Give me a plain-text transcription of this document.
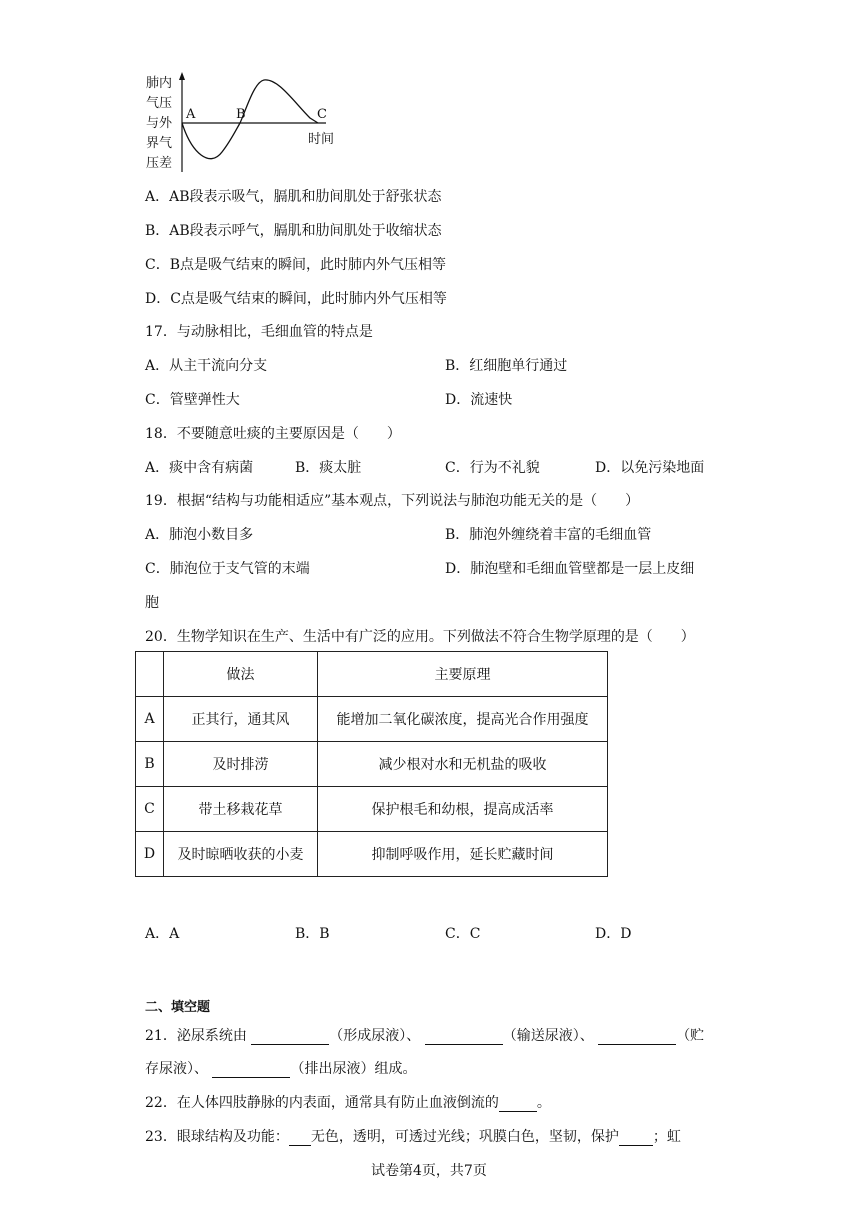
肺内
气压
与外
界气
压差
A	B	C
时间
A．AB段表示吸气，膈肌和肋间肌处于舒张状态
B．AB段表示呼气，膈肌和肋间肌处于收缩状态
C．B点是吸气结束的瞬间，此时肺内外气压相等
D．C点是吸气结束的瞬间，此时肺内外气压相等
17．与动脉相比，毛细血管的特点是
A．从主干流向分支	B．红细胞单行通过
C．管壁弹性大	D．流速快
18．不要随意吐痰的主要原因是（　　）
A．痰中含有病菌	B．痰太脏	C．行为不礼貌	D．以免污染地面
19．根据“结构与功能相适应”基本观点，下列说法与肺泡功能无关的是（　　）
A．肺泡小数目多	B．肺泡外缠绕着丰富的毛细血管
C．肺泡位于支气管的末端	D．肺泡壁和毛细血管壁都是一层上皮细
胞
20．生物学知识在生产、生活中有广泛的应用。下列做法不符合生物学原理的是（　　）
	做法	主要原理
A	正其行，通其风	能增加二氧化碳浓度，提高光合作用强度
B	及时排涝	减少根对水和无机盐的吸收
C	带土移栽花草	保护根毛和幼根，提高成活率
D	及时晾晒收获的小麦	抑制呼吸作用，延长贮藏时间
A．A	B．B	C．C	D．D
二、填空题
21．泌尿系统由	（形成尿液）、	（输送尿液）、	（贮
存尿液）、	（排出尿液）组成。
22．在人体四肢静脉的内表面，通常具有防止血液倒流的	。
23．眼球结构及功能： 无色，透明，可透过光线；巩膜白色，坚韧，保护 ；虹
试卷第4页，共7页
